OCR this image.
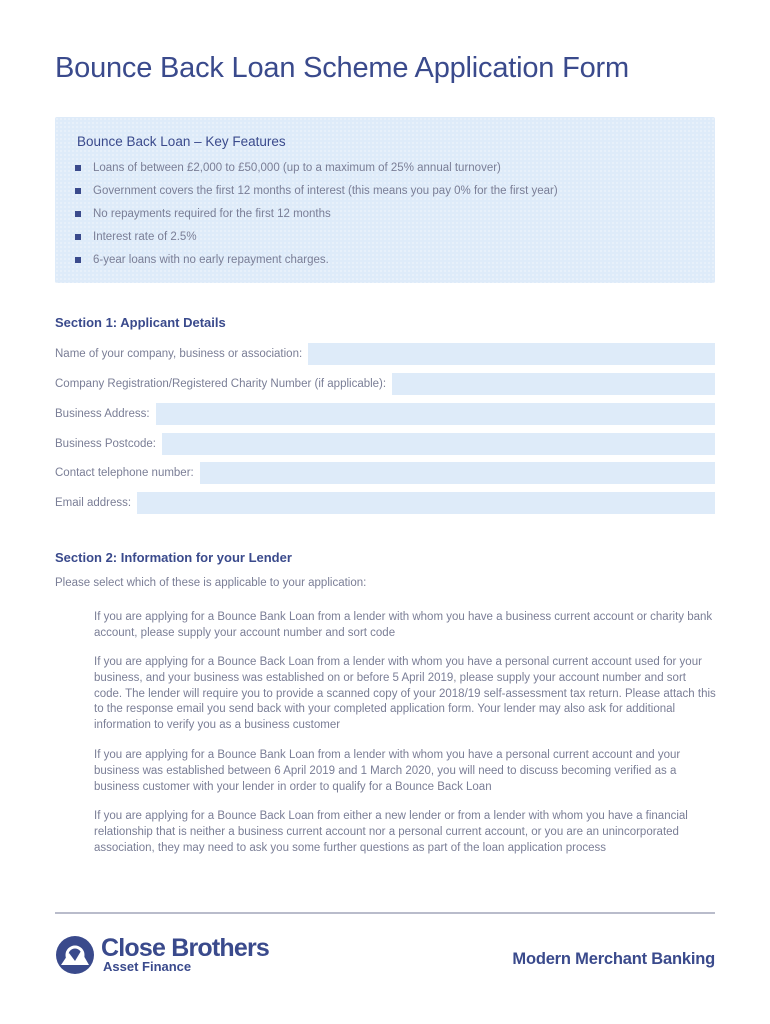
Bounce Back Loan Scheme Application Form
Bounce Back Loan – Key Features
Loans of between £2,000 to £50,000 (up to a maximum of 25% annual turnover)
Government covers the first 12 months of interest (this means you pay 0% for the first year)
No repayments required for the first 12 months
Interest rate of 2.5%
6-year loans with no early repayment charges.
Section 1: Applicant Details
Name of your company, business or association:
Company Registration/Registered Charity Number (if applicable):
Business Address:
Business Postcode:
Contact telephone number:
Email address:
Section 2: Information for your Lender

Please select which of these is applicable to your application:

If you are applying for a Bounce Bank Loan from a lender with whom you have a business current account or charity bank account, please supply your account number and sort code

If you are applying for a Bounce Back Loan from a lender with whom you have a personal current account used for your business, and your business was established on or before 5 April 2019, please supply your account number and sort code. The lender will require you to provide a scanned copy of your 2018/19 self-assessment tax return. Please attach this to the response email you send back with your completed application form. Your lender may also ask for additional information to verify you as a business customer

If you are applying for a Bounce Bank Loan from a lender with whom you have a personal current account and your business was established between 6 April 2019 and 1 March 2020, you will need to discuss becoming verified as a business customer with your lender in order to qualify for a Bounce Back Loan

If you are applying for a Bounce Back Loan from either a new lender or from a lender with whom you have a financial relationship that is neither a business current account nor a personal current account, or you are an unincorporated association, they may need to ask you some further questions as part of the loan application process

Close Brothers
Asset Finance	Modern Merchant Banking
